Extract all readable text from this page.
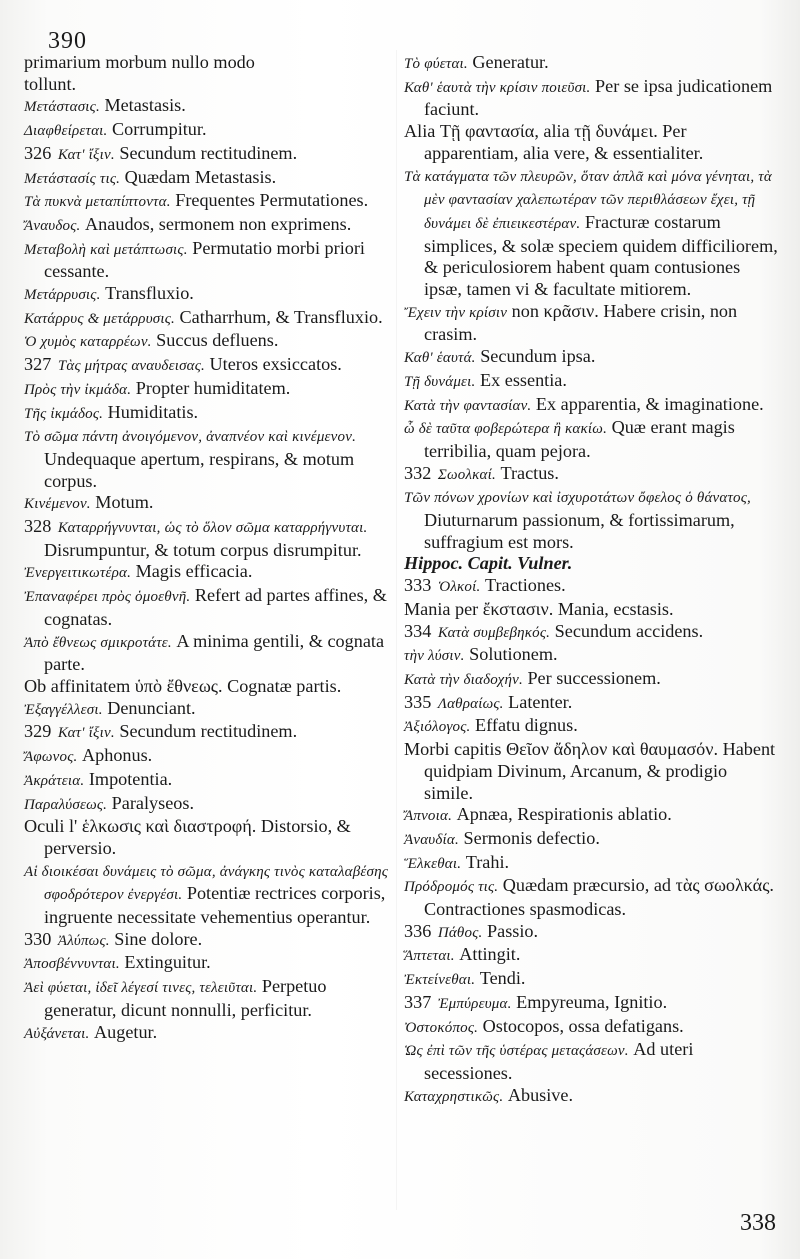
390
primarium morbum nullo modo
tollunt.
Μετάστασις. Metastasis.
Διαφθείρεται. Corrumpitur.
326 Κατ' ἴξιν. Secundum rectitudinem.
Μετάστασίς τις. Quædam Metastasis.
Τὰ πυκνὰ μεταπίπτοντα. Frequentes Permutationes.
Ἄναυδος. Anaudos, sermonem non exprimens.
Μεταβολὴ καὶ μετάπτωσις. Permutatio morbi priori cessante.
Μετάρρυσις. Transfluxio.
Κατάρρυς & μετάρρυσις. Catharrhum, & Transfluxio.
Ὁ χυμὸς καταρρέων. Succus defluens.
327 Τὰς μήτρας αναυδεισας. Uteros exsiccatos.
Πρὸς τὴν ἰκμάδα. Propter humiditatem.
Τῆς ἰκμάδος. Humiditatis.
Τὸ σῶμα πάντη ἀνοιγόμενον, ἀναπνέον καὶ κινέμενον. Undequaque apertum, respirans, & motum corpus.
Κινέμενον. Motum.
328 Καταρρήγνυνται, ὡς τὸ ὅλον σῶμα καταρρήγνυται. Disrumpuntur, & totum corpus disrumpitur.
Ἐνεργειτικωτέρα. Magis efficacia.
Ἐπαναφέρει πρὸς ὁμοεθνῆ. Refert ad partes affines, & cognatas.
Ἀπὸ ἔθνεως σμικροτάτε. A minima gentili, & cognata parte.
Ob affinitatem ὑπὸ ἔθνεως. Cognatæ partis.
Ἐξαγγέλλεσι. Denunciant.
329 Κατ' ἴξιν. Secundum rectitudinem.
Ἄφωνος. Aphonus.
Ἀκράτεια. Impotentia.
Παραλύσεως. Paralyseos.
Oculi l' ἑλκωσις καὶ διαστροφή. Distorsio, & perversio.
Αἱ διοικέσαι δυνάμεις τὸ σῶμα, ἀνάγκης τινὸς καταλαβέσης σφοδρότερον ἐνεργέσι. Potentiæ rectrices corporis, ingruente necessitate vehementius operantur.
330 Ἀλύπως. Sine dolore.
Ἀποσβέννυνται. Extinguitur.
Ἀεὶ φύεται, ἰδεῖ λέγεσί τινες, τελειῦται. Perpetuo generatur, dicunt nonnulli, perficitur.
Αὐξάνεται. Augetur.
Τὸ φύεται. Generatur.
Καθ' ἑαυτὰ τὴν κρίσιν ποιεῦσι. Per se ipsa judicationem faciunt.
Alia Τῇ φαντασία, alia τῇ δυνάμει. Per apparentiam, alia vere, & essentialiter.
Τὰ κατάγματα τῶν πλευρῶν, ὅταν ἁπλᾶ καὶ μόνα γένηται, τὰ μὲν φαντασίαν χαλεπωτέραν τῶν περιθλάσεων ἔχει, τῇ δυνάμει δὲ ἐπιεικεστέραν. Fracturæ costarum simplices, & solæ speciem quidem difficiliorem, & periculosiorem habent quam contusiones ipsæ, tamen vi & facultate mitiorem.
Ἔχειν τὴν κρίσιν non κρᾶσιν. Habere crisin, non crasim.
Καθ' ἑαυτά. Secundum ipsa.
Τῇ δυνάμει. Ex essentia.
Κατὰ τὴν φαντασίαν. Ex apparentia, & imaginatione.
ὧ δὲ ταῦτα φοβερώτερα ἢ κακίω. Quæ erant magis terribilia, quam pejora.
332 Σωολκαί. Tractus.
Τῶν πόνων χρονίων καὶ ἰσχυροτάτων ὄφελος ὁ θάνατος, Diuturnarum passionum, & fortissimarum, suffragium est mors.
Hippoc. Capit. Vulner.
333 Ὁλκοί. Tractiones.
Mania per ἔκστασιν. Mania, ecstasis.
334 Κατὰ συμβεβηκός. Secundum accidens.
τὴν λύσιν. Solutionem.
Κατὰ τὴν διαδοχήν. Per successionem.
335 Λαθραίως. Latenter.
Ἀξιόλογος. Effatu dignus.
Morbi capitis Θεῖον ἄδηλον καὶ θαυμασόν. Habent quidpiam Divinum, Arcanum, & prodigio simile.
Ἄπνοια. Apnæa, Respirationis ablatio.
Ἀναυδία. Sermonis defectio.
Ἕλκεθαι. Trahi.
Πρόδρομός τις. Quædam præcursio, ad τὰς σωολκάς. Contractiones spasmodicas.
336 Πάθος. Passio.
Ἅπτεται. Attingit.
Ἐκτείνεθαι. Tendi.
337 Ἐμπύρευμα. Empyreuma, Ignitio.
Ὀστοκόπος. Ostocopos, ossa defatigans.
Ὡς ἐπὶ τῶν τῆς ὑστέρας μεταςάσεων. Ad uteri secessiones.
Καταχρηστικῶς. Abusive.
338
